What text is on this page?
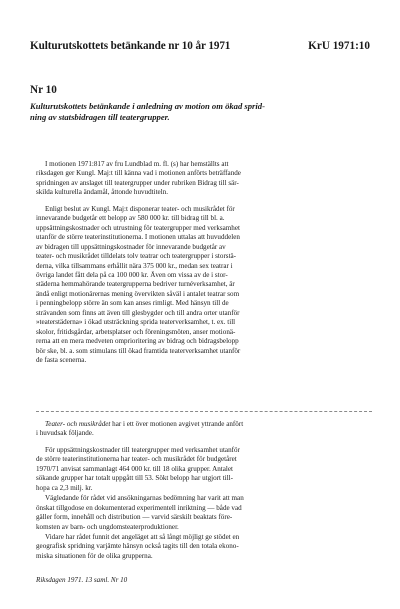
Kulturutskottets betänkande nr 10 år 1971	KrU 1971:10
Nr 10
Kulturutskottets betänkande i anledning av motion om ökad sprid-
ning av statsbidragen till teatergrupper.

I motionen 1971:817 av fru Lundblad m. fl. (s) har hemställts att
riksdagen ger Kungl. Maj:t till känna vad i motionen anförts beträffande
spridningen av anslaget till teatergrupper under rubriken Bidrag till sär-
skilda kulturella ändamål, åttonde huvudtiteln.

Enligt beslut av Kungl. Maj:t disponerar teater- och musikrådet för
innevarande budgetår ett belopp av 580 000 kr. till bidrag till bl. a.
uppsättningskostnader och utrustning för teatergrupper med verksamhet
utanför de större teaterinstitutionerna. I motionen uttalas att huvuddelen
av bidragen till uppsättningskostnader för innevarande budgetår av
teater- och musikrådet tilldelats tolv teatrar och teatergrupper i storstä-
derna, vilka tillsammans erhållit nära 375 000 kr., medan sex teatrar i
övriga landet fått dela på ca 100 000 kr. Även om vissa av de i stor-
städerna hemmahörande teatergrupperna bedriver turnéverksamhet, är
ändå enligt motionärernas mening övervikten såväl i antalet teatrar som
i penningbelopp större än som kan anses rimligt. Med hänsyn till de
strävanden som finns att även till glesbygder och till andra orter utanför
»teaterstäderna» i ökad utsträckning sprida teaterverksamhet, t. ex. till
skolor, fritidsgårdar, arbetsplatser och föreningsmöten, anser motionä-
rerna att en mera medveten omprioritering av bidrag och bidragsbelopp
bör ske, bl. a. som stimulans till ökad framtida teaterverksamhet utanför
de fasta scenerna.

Teater- och musikrådet har i ett över motionen avgivet yttrande anfört
i huvudsak följande.

För uppsättningskostnader till teatergrupper med verksamhet utanför
de större teaterinstitutionerna har teater- och musikrådet för budgetåret
1970/71 anvisat sammanlagt 464 000 kr. till 18 olika grupper. Antalet
sökande grupper har totalt uppgått till 53. Sökt belopp har utgjort till-
hopa ca 2,3 milj. kr.

Vägledande för rådet vid ansökningarnas bedömning har varit att man
önskat tillgodose en dokumenterad experimentell inriktning — både vad
gäller form, innehåll och distribution — varvid särskilt beaktats före-
komsten av barn- och ungdomsteaterproduktioner.

Vidare har rådet funnit det angeläget att så långt möjligt ge stödet en
geografisk spridning varjämte hänsyn också tagits till den totala ekono-
miska situationen för de olika grupperna.

Riksdagen 1971. 13 saml. Nr 10
